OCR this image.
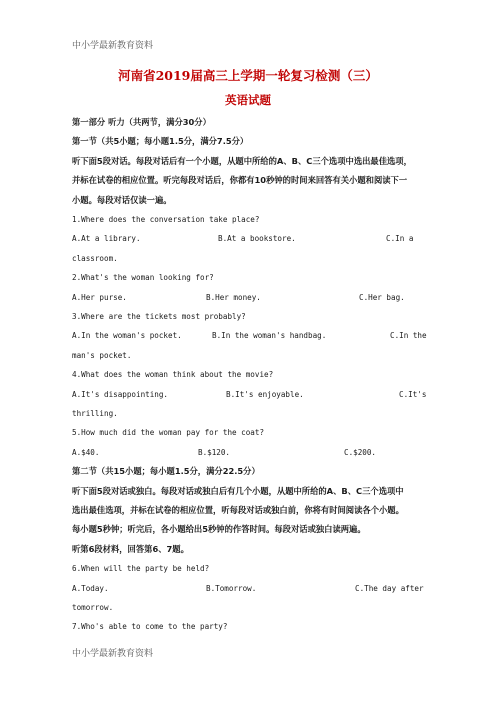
中小学最新教育资料
河南省2019届高三上学期一轮复习检测（三）
英语试题
第一部分 听力（共两节，满分30分）
第一节（共5小题；每小题1.5分，满分7.5分）
听下面5段对话。每段对话后有一个小题，从题中所给的A、B、C三个选项中选出最佳选项，
并标在试卷的相应位置。听完每段对话后，你都有10秒钟的时间来回答有关小题和阅读下一
小题。每段对话仅读一遍。
1.Where does the conversation take place?
A.At a library.	B.At a bookstore.	C.In a
classroom.
2.What's the woman looking for?
A.Her purse.	B.Her money.	C.Her bag.
3.Where are the tickets most probably?
A.In the woman's pocket.	B.In the woman's handbag.	C.In the
man's pocket.
4.What does the woman think about the movie?
A.It's disappointing.	B.It's enjoyable.	C.It's
thrilling.
5.How much did the woman pay for the coat?
A.$40.	B.$120.	C.$200.
第二节（共15小题；每小题1.5分，满分22.5分）
听下面5段对话或独白。每段对话或独白后有几个小题，从题中所给的A、B、C三个选项中
选出最佳选项，并标在试卷的相应位置，听每段对话或独白前，你将有时间阅读各个小题。
每小题5秒钟；听完后，各小题给出5秒钟的作答时间。每段对话或独白读两遍。
听第6段材料，回答第6、7题。
6.When will the party be held?
A.Today.	B.Tomorrow.	C.The day after
tomorrow.
7.Who's able to come to the party?
中小学最新教育资料
